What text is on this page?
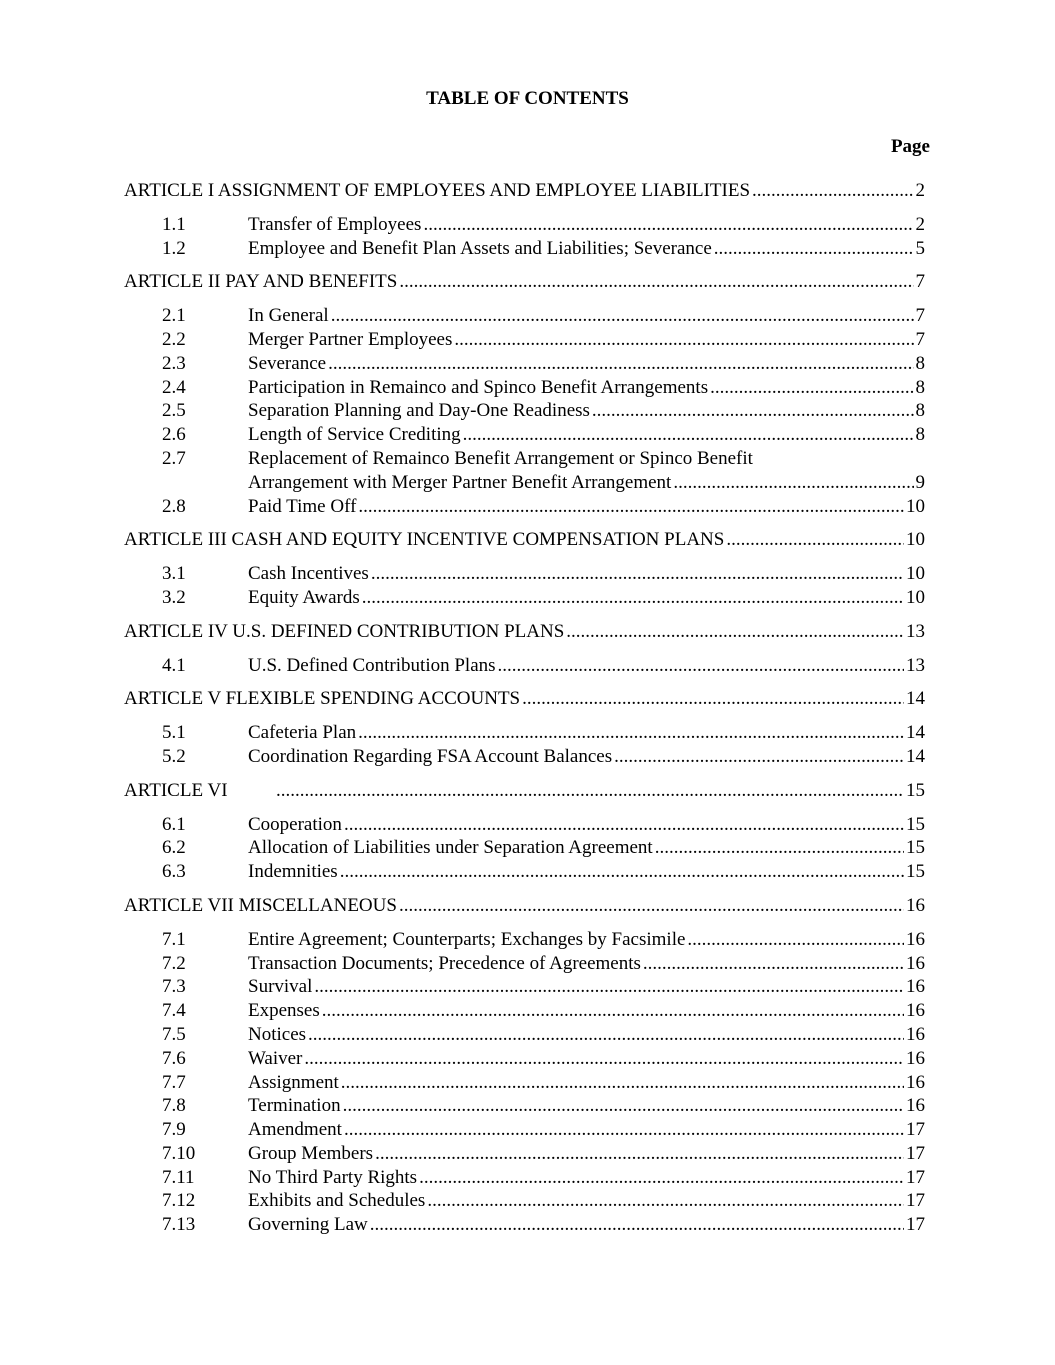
TABLE OF CONTENTS
Page
ARTICLE I ASSIGNMENT OF EMPLOYEES AND EMPLOYEE LIABILITIES .....	2
1.1	Transfer of Employees .....	2
1.2	Employee and Benefit Plan Assets and Liabilities; Severance .....	5
ARTICLE II PAY AND BENEFITS .....	7
2.1	In General .....	7
2.2	Merger Partner Employees .....	7
2.3	Severance .....	8
2.4	Participation in Remainco and Spinco Benefit Arrangements .....	8
2.5	Separation Planning and Day-One Readiness .....	8
2.6	Length of Service Crediting .....	8
2.7	Replacement of Remainco Benefit Arrangement or Spinco Benefit
Arrangement with Merger Partner Benefit Arrangement .....	9
2.8	Paid Time Off .....	10
ARTICLE III CASH AND EQUITY INCENTIVE COMPENSATION PLANS .....	10
3.1	Cash Incentives .....	10
3.2	Equity Awards .....	10
ARTICLE IV U.S. DEFINED CONTRIBUTION PLANS .....	13
4.1	U.S. Defined Contribution Plans .....	13
ARTICLE V FLEXIBLE SPENDING ACCOUNTS .....	14
5.1	Cafeteria Plan .....	14
5.2	Coordination Regarding FSA Account Balances .....	14
ARTICLE VI .....	15
6.1	Cooperation .....	15
6.2	Allocation of Liabilities under Separation Agreement .....	15
6.3	Indemnities .....	15
ARTICLE VII MISCELLANEOUS .....	16
7.1	Entire Agreement; Counterparts; Exchanges by Facsimile .....	16
7.2	Transaction Documents; Precedence of Agreements .....	16
7.3	Survival .....	16
7.4	Expenses .....	16
7.5	Notices .....	16
7.6	Waiver .....	16
7.7	Assignment .....	16
7.8	Termination .....	16
7.9	Amendment .....	17
7.10	Group Members .....	17
7.11	No Third Party Rights .....	17
7.12	Exhibits and Schedules .....	17
7.13	Governing Law .....	17
